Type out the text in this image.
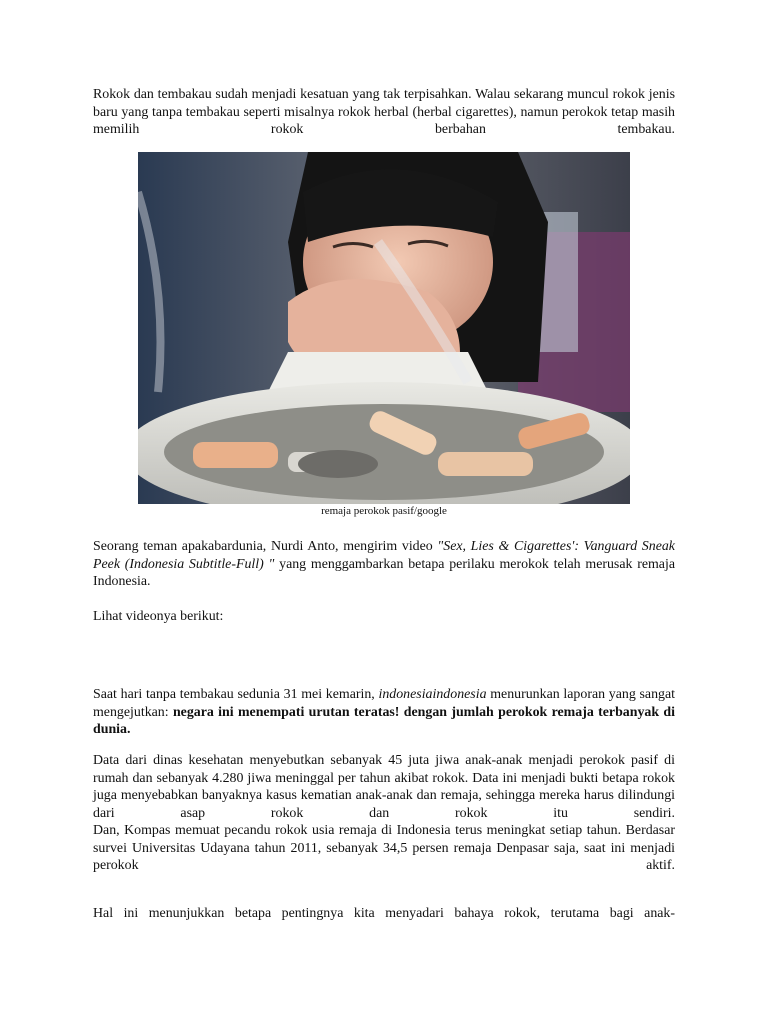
Rokok dan tembakau sudah menjadi kesatuan yang tak terpisahkan. Walau sekarang muncul rokok jenis baru yang tanpa tembakau seperti misalnya rokok herbal (herbal cigarettes), namun perokok tetap masih memilih rokok berbahan tembakau.

remaja perokok pasif/google

Seorang teman apakabardunia, Nurdi Anto, mengirim video "Sex, Lies & Cigarettes': Vanguard Sneak Peek (Indonesia Subtitle-Full) " yang menggambarkan betapa perilaku merokok telah merusak remaja Indonesia.

Lihat videonya berikut:

Saat hari tanpa tembakau sedunia 31 mei kemarin, indonesiaindonesia menurunkan laporan yang sangat mengejutkan: negara ini menempati urutan teratas! dengan jumlah perokok remaja terbanyak di dunia.

Data dari dinas kesehatan menyebutkan sebanyak 45 juta jiwa anak-anak menjadi perokok pasif di rumah dan sebanyak 4.280 jiwa meninggal per tahun akibat rokok. Data ini menjadi bukti betapa rokok juga menyebabkan banyaknya kasus kematian anak-anak dan remaja, sehingga mereka harus dilindungi dari asap rokok dan rokok itu sendiri.

Dan, Kompas memuat pecandu rokok usia remaja di Indonesia terus meningkat setiap tahun. Berdasar survei Universitas Udayana tahun 2011, sebanyak 34,5 persen remaja Denpasar saja, saat ini menjadi perokok aktif.

Hal ini menunjukkan betapa pentingnya kita menyadari bahaya rokok, terutama bagi anak-
